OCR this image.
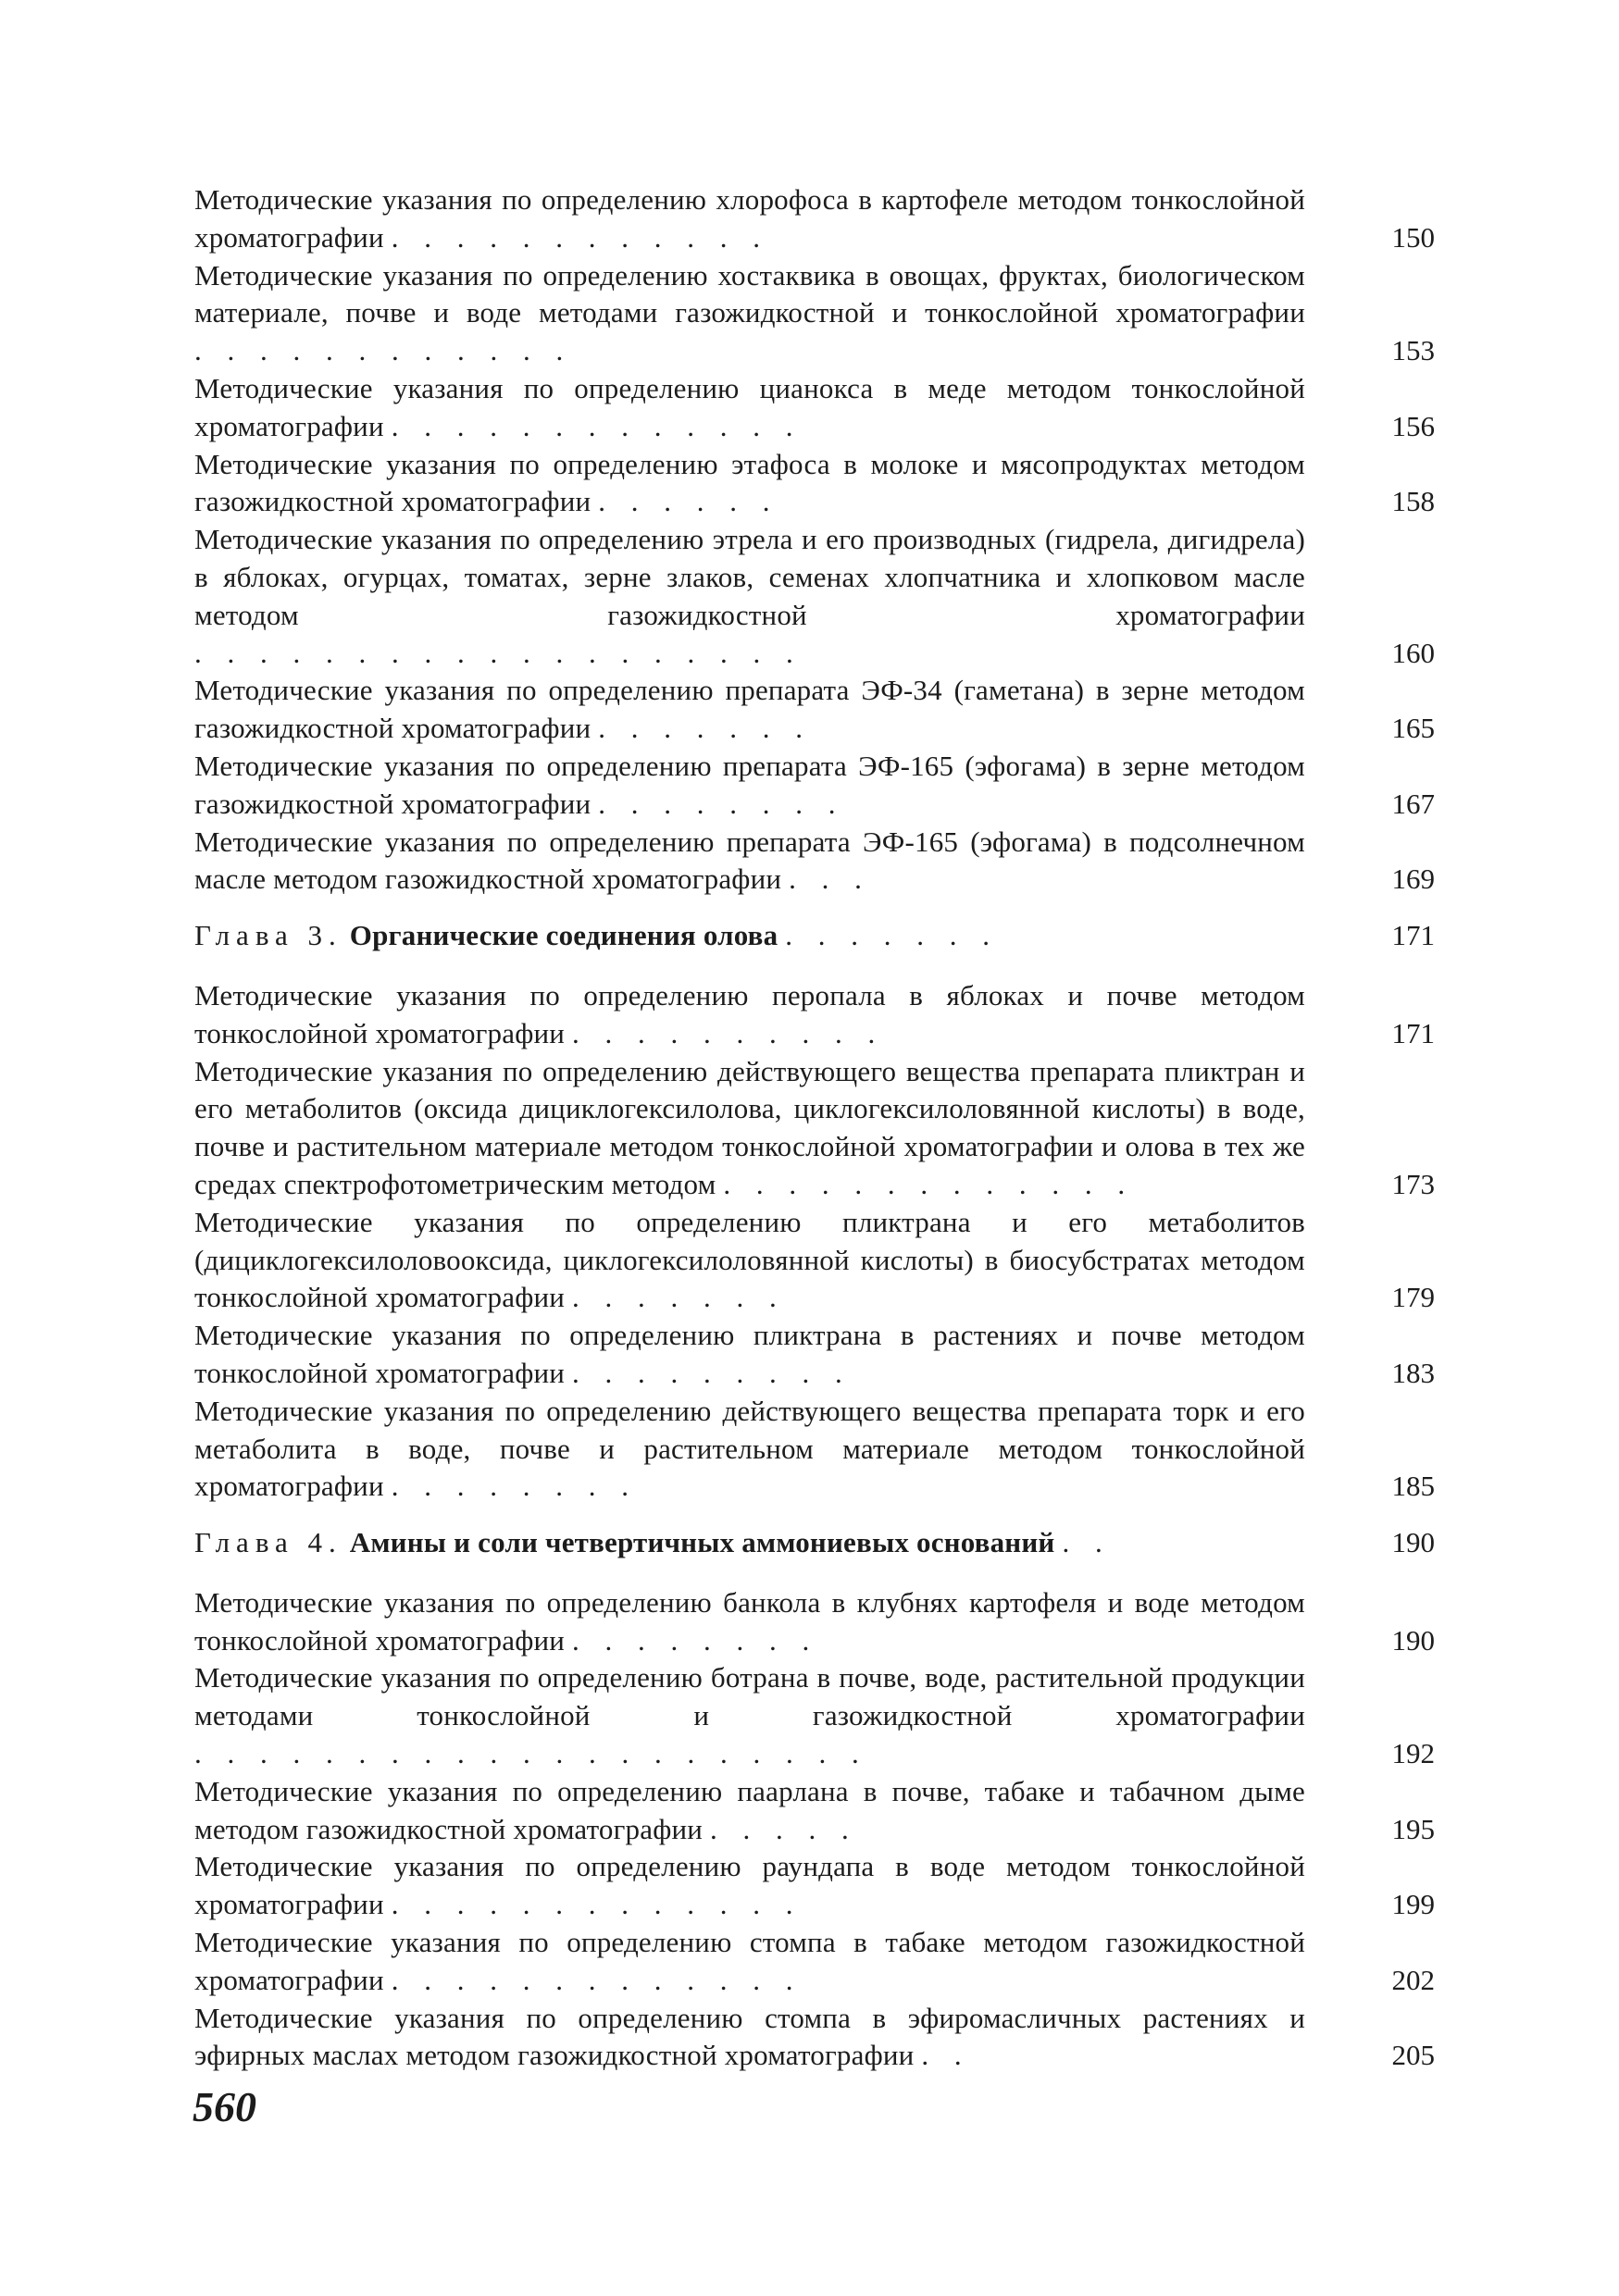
Методические указания по определению хлорофоса в картофеле методом тонкослойной хроматографии . . . . . . . . . . . .	150
Методические указания по определению хостаквика в овощах, фруктах, биологическом материале, почве и воде методами газожидкостной и тонкослойной хроматографии . . . . . . . . . . . .	153
Методические указания по определению цианокса в меде методом тонкослойной хроматографии . . . . . . . . . . . . .	156
Методические указания по определению этафоса в молоке и мясопродуктах методом газожидкостной хроматографии . . . . . .	158
Методические указания по определению этрела и его производных (гидрела, дигидрела) в яблоках, огурцах, томатах, зерне злаков, семенах хлопчатника и хлопковом масле методом газожидкостной хроматографии . . . . . . . . . . . . . . . . . . .	160
Методические указания по определению препарата ЭФ-34 (гаметана) в зерне методом газожидкостной хроматографии . . . . . . .	165
Методические указания по определению препарата ЭФ-165 (эфогама) в зерне методом газожидкостной хроматографии . . . . . . . .	167
Методические указания по определению препарата ЭФ-165 (эфогама) в подсолнечном масле методом газожидкостной хроматографии . . .	169
Глава 3. Органические соединения олова . . . . . . .	171
Методические указания по определению перопала в яблоках и почве методом тонкослойной хроматографии . . . . . . . . . .	171
Методические указания по определению действующего вещества препарата пликтран и его метаболитов (оксида дициклогексилолова, циклогексилоловянной кислоты) в воде, почве и растительном материале методом тонкослойной хроматографии и олова в тех же средах спектрофотометрическим методом . . . . . . . . . . . . .	173
Методические указания по определению пликтрана и его метаболитов (дициклогексилоловооксида, циклогексилоловянной кислоты) в биосубстратах методом тонкослойной хроматографии . . . . . . .	179
Методические указания по определению пликтрана в растениях и почве методом тонкослойной хроматографии . . . . . . . . .	183
Методические указания по определению действующего вещества препарата торк и его метаболита в воде, почве и растительном материале методом тонкослойной хроматографии . . . . . . . .	185
Глава 4. Амины и соли четвертичных аммониевых оснований . .	190
Методические указания по определению банкола в клубнях картофеля и воде методом тонкослойной хроматографии . . . . . . . .	190
Методические указания по определению ботрана в почве, воде, растительной продукции методами тонкослойной и газожидкостной хроматографии . . . . . . . . . . . . . . . . . . . . .	192
Методические указания по определению паарлана в почве, табаке и табачном дыме методом газожидкостной хроматографии . . . . .	195
Методические указания по определению раундапа в воде методом тонкослойной хроматографии . . . . . . . . . . . . .	199
Методические указания по определению стомпа в табаке методом газожидкостной хроматографии . . . . . . . . . . . . .	202
Методические указания по определению стомпа в эфиромасличных растениях и эфирных маслах методом газожидкостной хроматографии . .	205
560
